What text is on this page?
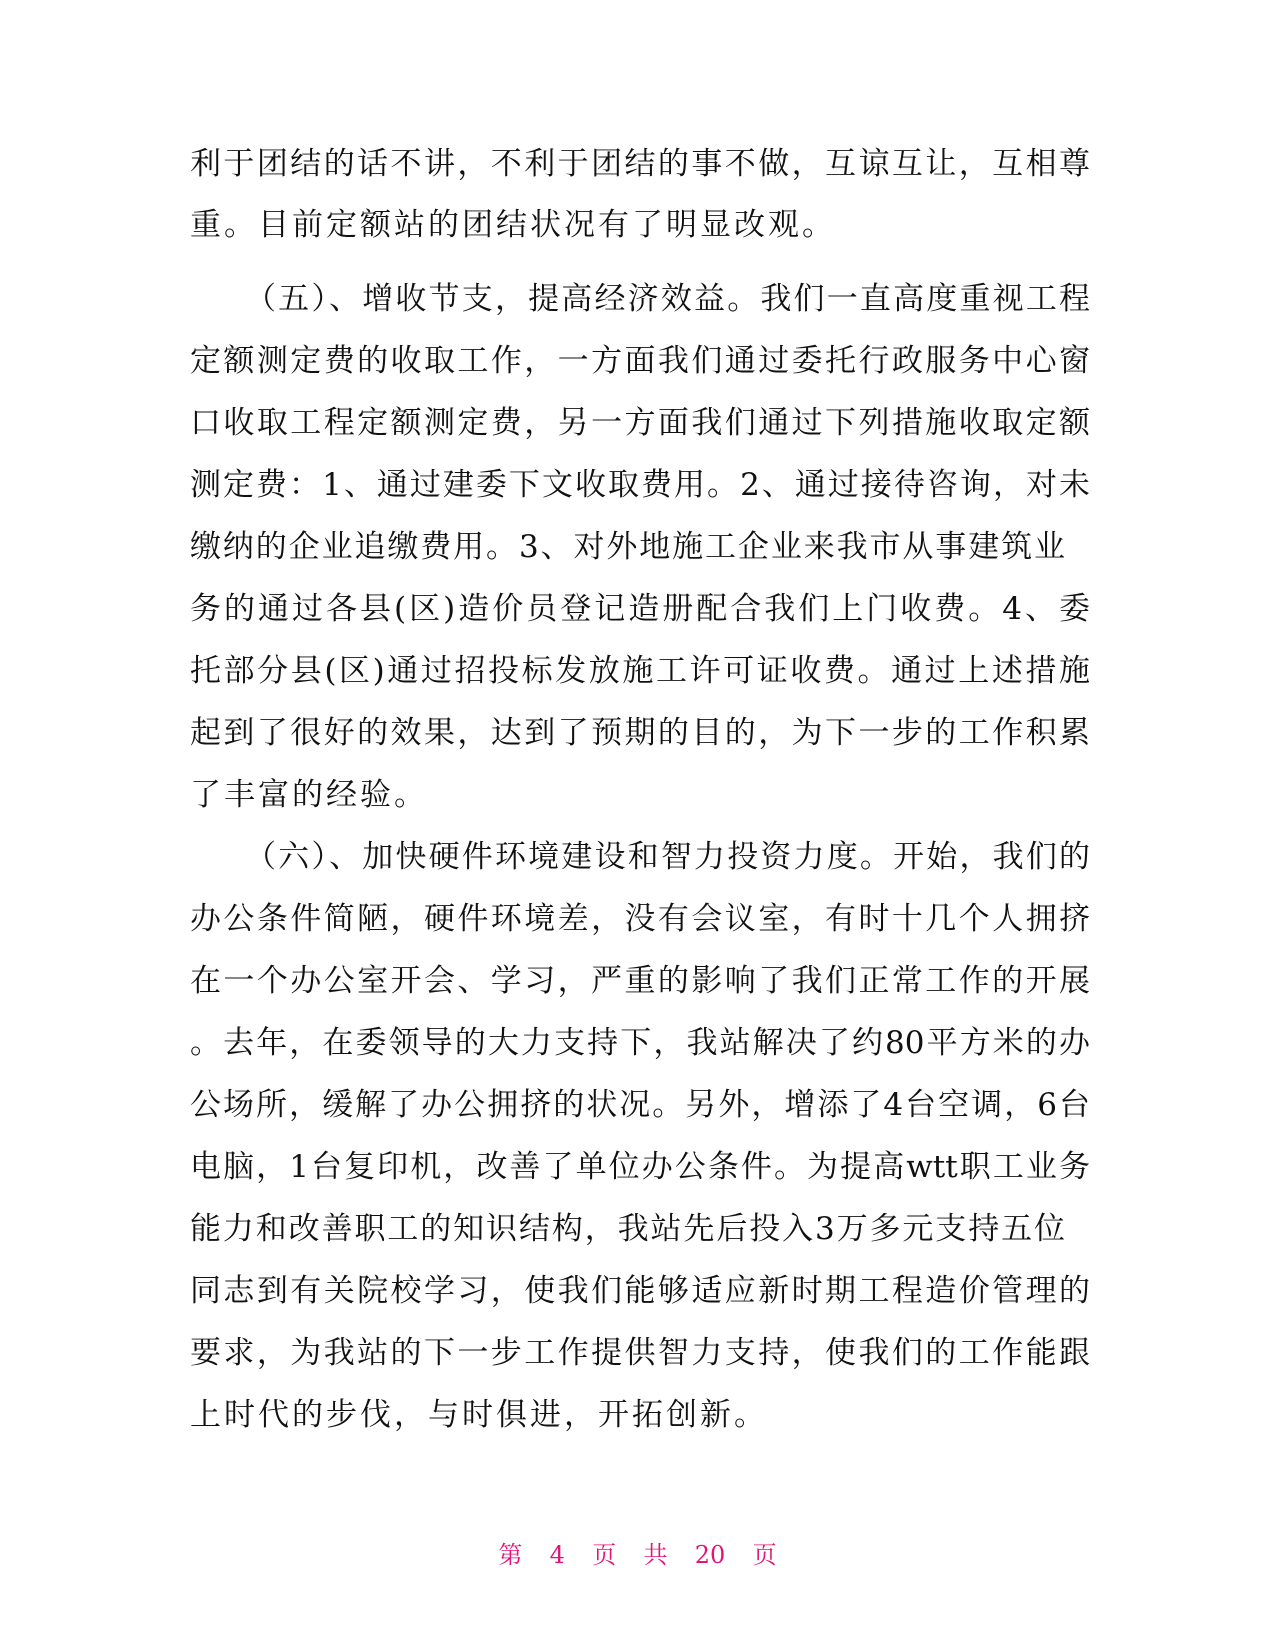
利于团结的话不讲，不利于团结的事不做，互谅互让，互相尊
重。目前定额站的团结状况有了明显改观。
（五）、增收节支，提高经济效益。我们一直高度重视工程
定额测定费的收取工作，一方面我们通过委托行政服务中心窗
口收取工程定额测定费，另一方面我们通过下列措施收取定额
测定费：1、通过建委下文收取费用。2、通过接待咨询，对未
缴纳的企业追缴费用。3、对外地施工企业来我市从事建筑业
务的通过各县(区)造价员登记造册配合我们上门收费。4、委
托部分县(区)通过招投标发放施工许可证收费。通过上述措施
起到了很好的效果，达到了预期的目的，为下一步的工作积累
了丰富的经验。
（六）、加快硬件环境建设和智力投资力度。开始，我们的
办公条件简陋，硬件环境差，没有会议室，有时十几个人拥挤
在一个办公室开会、学习，严重的影响了我们正常工作的开展
。去年，在委领导的大力支持下，我站解决了约80平方米的办
公场所，缓解了办公拥挤的状况。另外，增添了4台空调，6台
电脑，1台复印机，改善了单位办公条件。为提高wtt职工业务
能力和改善职工的知识结构，我站先后投入3万多元支持五位
同志到有关院校学习，使我们能够适应新时期工程造价管理的
要求，为我站的下一步工作提供智力支持，使我们的工作能跟
上时代的步伐，与时俱进，开拓创新。
第 4 页 共 20 页
